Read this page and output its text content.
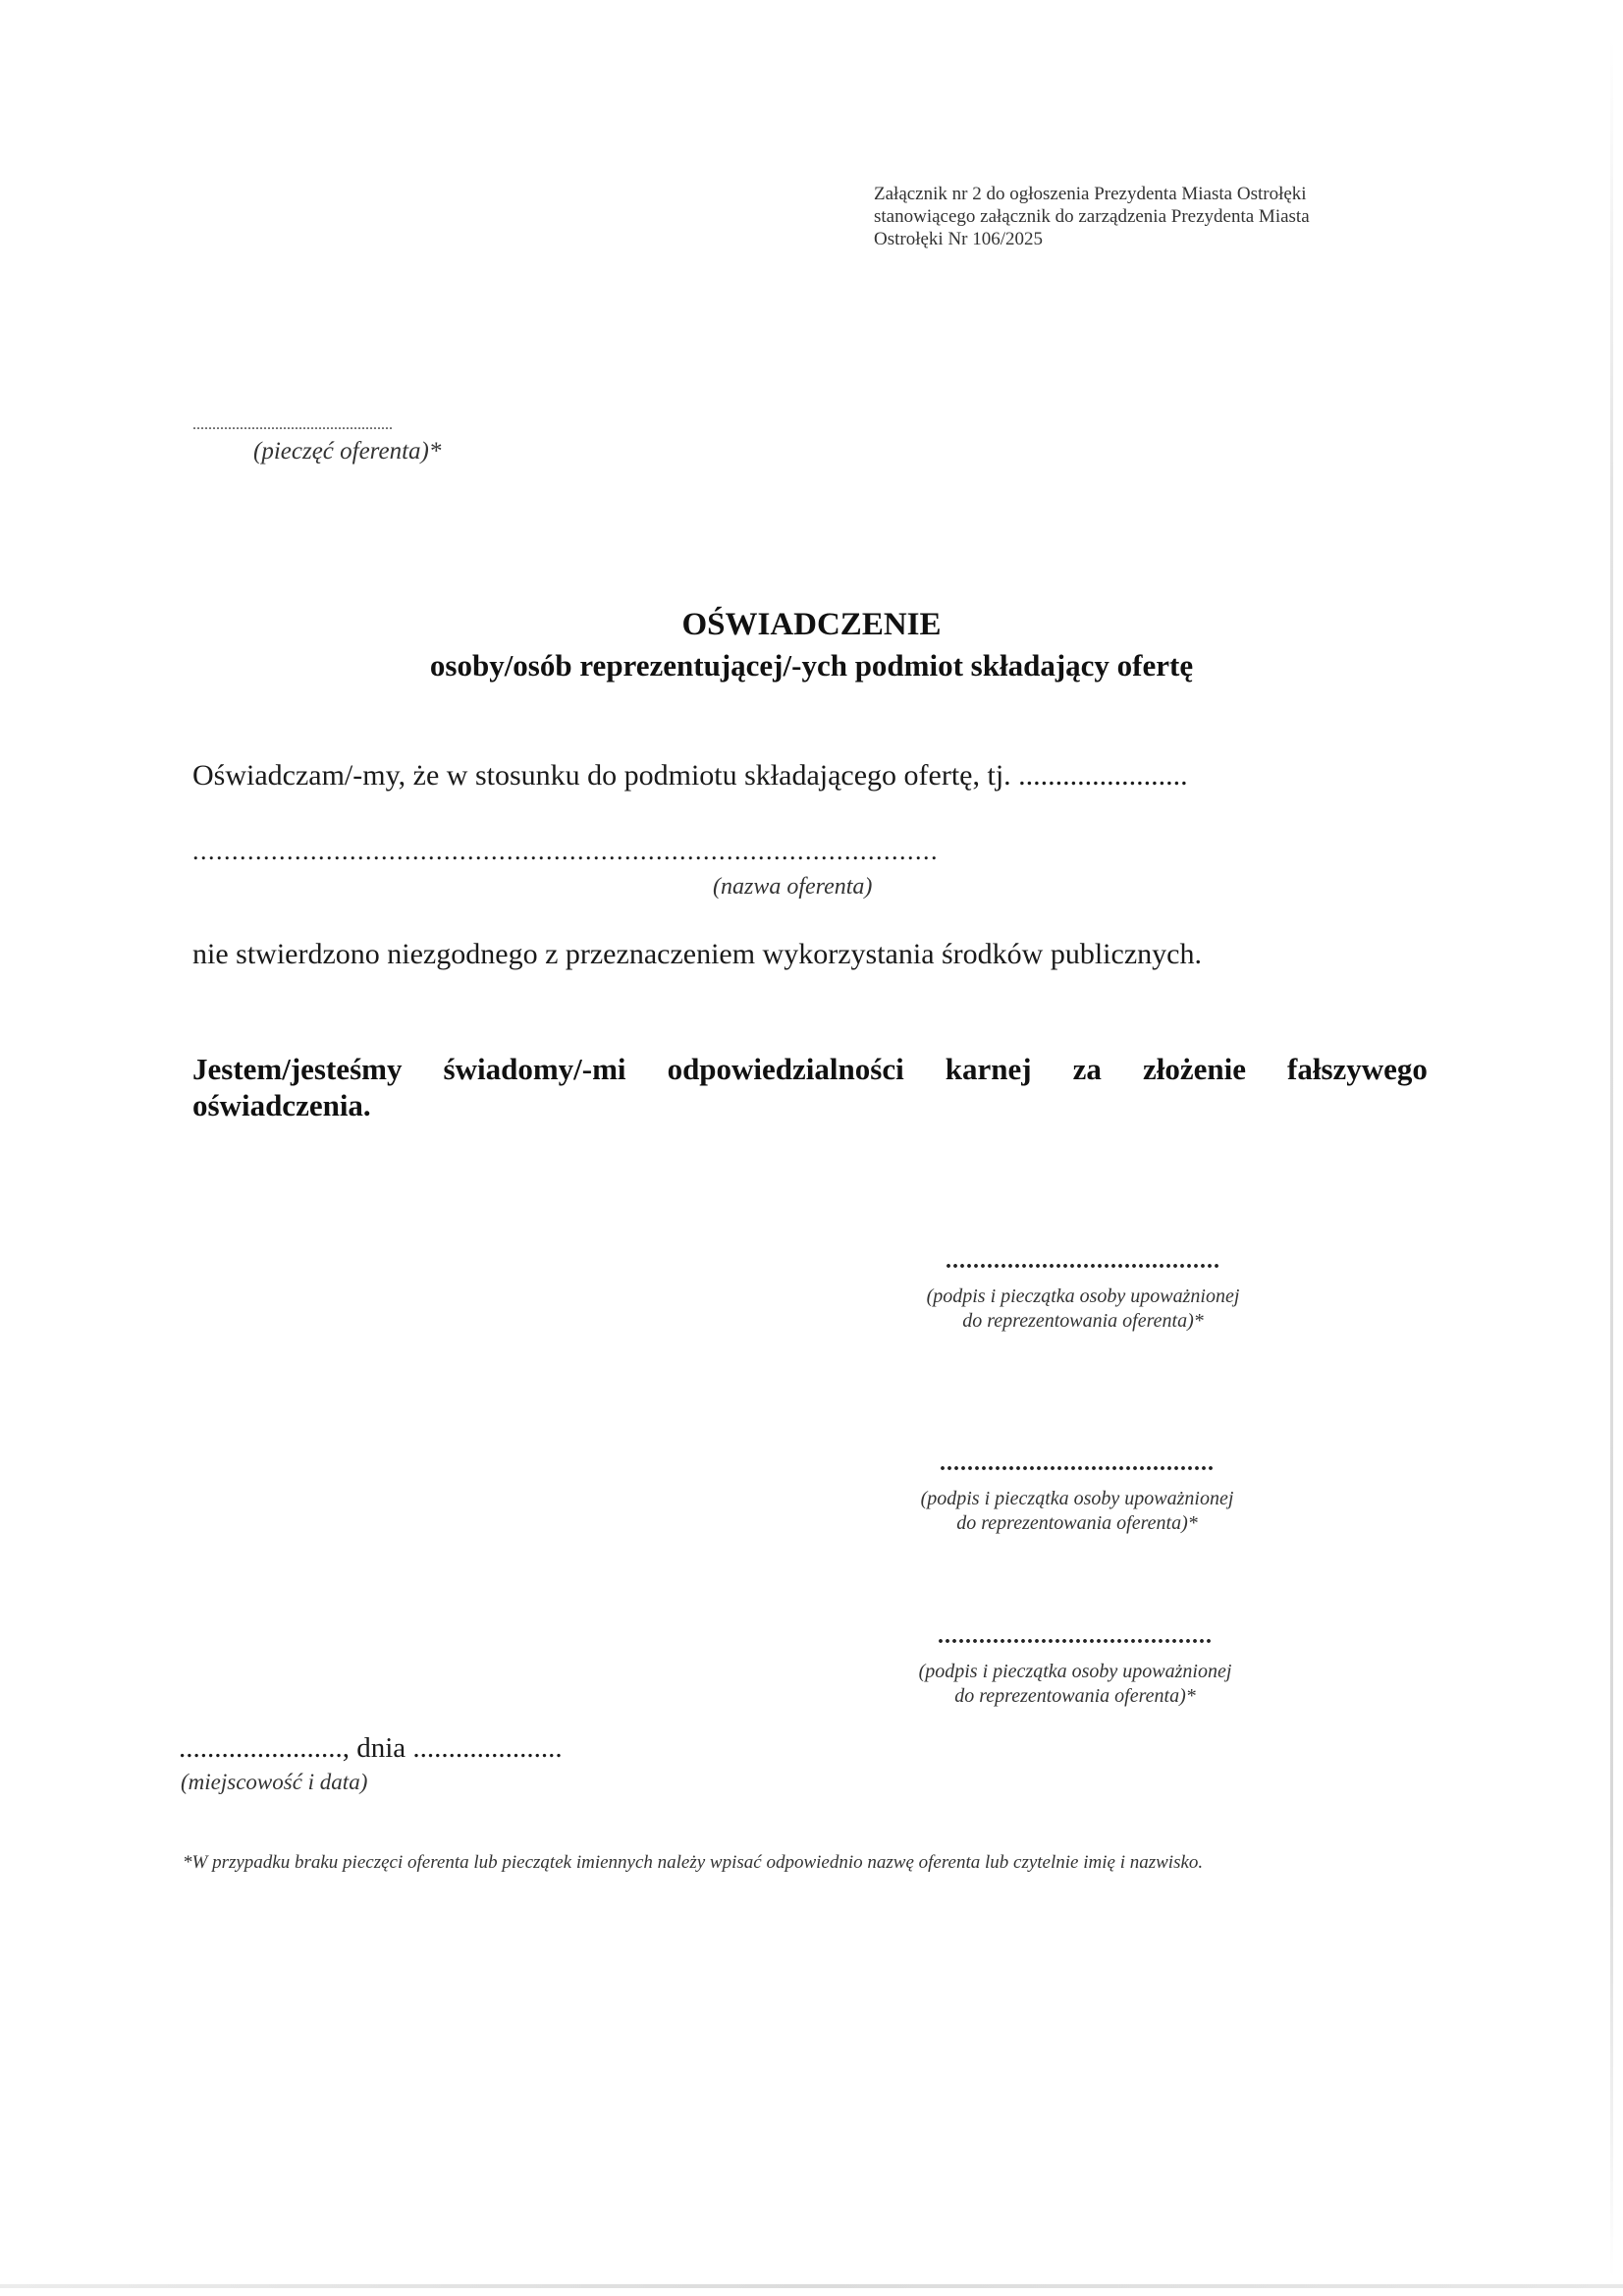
Załącznik nr 2 do ogłoszenia Prezydenta Miasta Ostrołęki
stanowiącego załącznik do zarządzenia Prezydenta Miasta
Ostrołęki Nr 106/2025
...................................................
(pieczęć oferenta)*
OŚWIADCZENIE
osoby/osób reprezentującej/-ych podmiot składający ofertę
Oświadczam/-my, że w stosunku do podmiotu składającego ofertę, tj. .......................
...............................................................................................
(nazwa oferenta)
nie stwierdzono niezgodnego z przeznaczeniem wykorzystania środków publicznych.
Jestem/jesteśmy świadomy/-mi odpowiedzialności karnej za złożenie fałszywego
oświadczenia.
........................................
(podpis i pieczątka osoby upoważnionej
do reprezentowania oferenta)*
........................................
(podpis i pieczątka osoby upoważnionej
do reprezentowania oferenta)*
........................................
(podpis i pieczątka osoby upoważnionej
do reprezentowania oferenta)*
......................., dnia .....................
(miejscowość i data)
*W przypadku braku pieczęci oferenta lub pieczątek imiennych należy wpisać odpowiednio nazwę oferenta lub czytelnie imię i nazwisko.
